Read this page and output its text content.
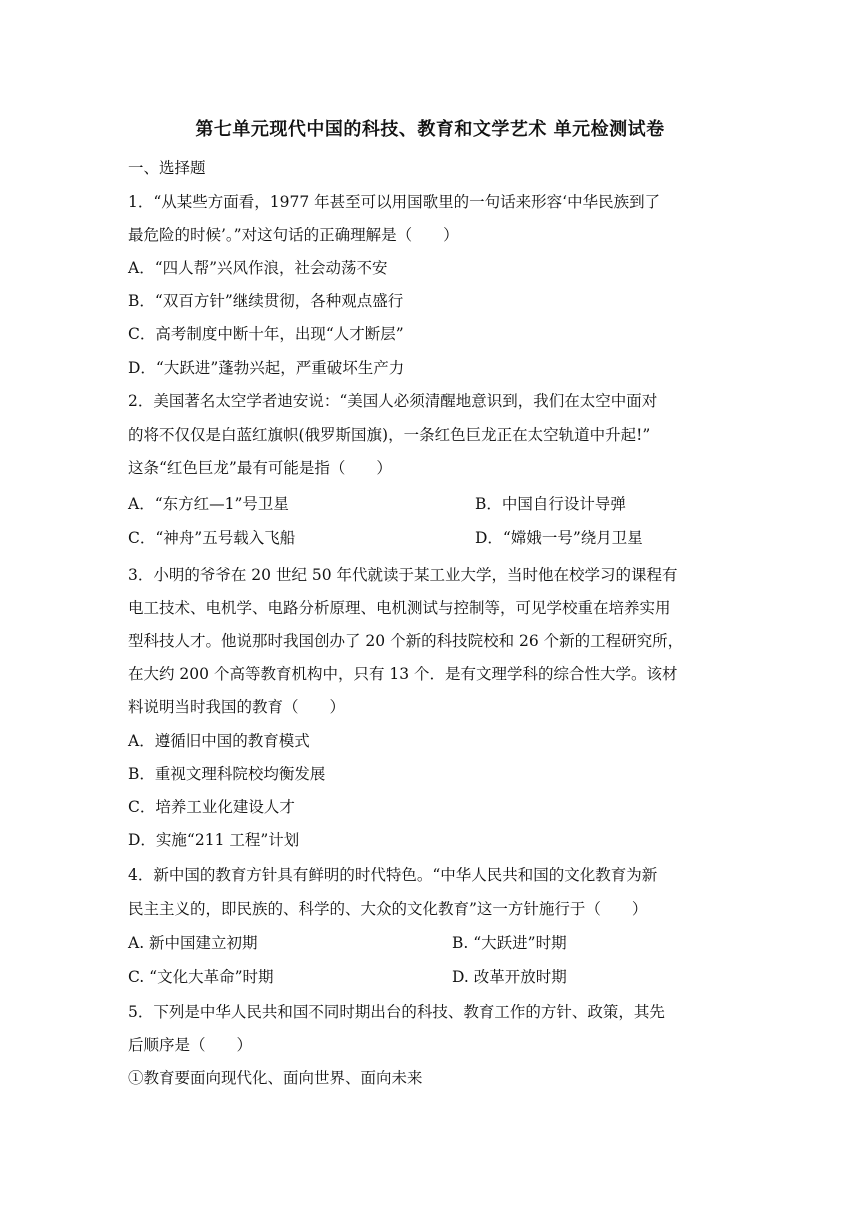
第七单元现代中国的科技、教育和文学艺术 单元检测试卷
一、选择题
1．“从某些方面看，1977 年甚至可以用国歌里的一句话来形容‘中华民族到了
最危险的时候’。”对这句话的正确理解是（　　）
A．“四人帮”兴风作浪，社会动荡不安
B．“双百方针”继续贯彻，各种观点盛行
C．高考制度中断十年，出现“人才断层”
D．“大跃进”蓬勃兴起，严重破坏生产力
2．美国著名太空学者迪安说：“美国人必须清醒地意识到，我们在太空中面对
的将不仅仅是白蓝红旗帜(俄罗斯国旗)，一条红色巨龙正在太空轨道中升起!”
这条“红色巨龙”最有可能是指（　　）
A．“东方红—1”号卫星	B．中国自行设计导弹
C．“神舟”五号载入飞船	D．“嫦娥一号”绕月卫星
3．小明的爷爷在 20 世纪 50 年代就读于某工业大学，当时他在校学习的课程有
电工技术、电机学、电路分析原理、电机测试与控制等，可见学校重在培养实用
型科技人才。他说那时我国创办了 20 个新的科技院校和 26 个新的工程研究所，
在大约 200 个高等教育机构中，只有 13 个．是有文理学科的综合性大学。该材
料说明当时我国的教育（　　）
A．遵循旧中国的教育模式
B．重视文理科院校均衡发展
C．培养工业化建设人才
D．实施“211 工程”计划
4．新中国的教育方针具有鲜明的时代特色。“中华人民共和国的文化教育为新
民主主义的，即民族的、科学的、大众的文化教育”这一方针施行于（　　）
A. 新中国建立初期	B. “大跃进”时期
C. “文化大革命”时期	D. 改革开放时期
5．下列是中华人民共和国不同时期出台的科技、教育工作的方针、政策，其先
后顺序是（　　）
①教育要面向现代化、面向世界、面向未来
